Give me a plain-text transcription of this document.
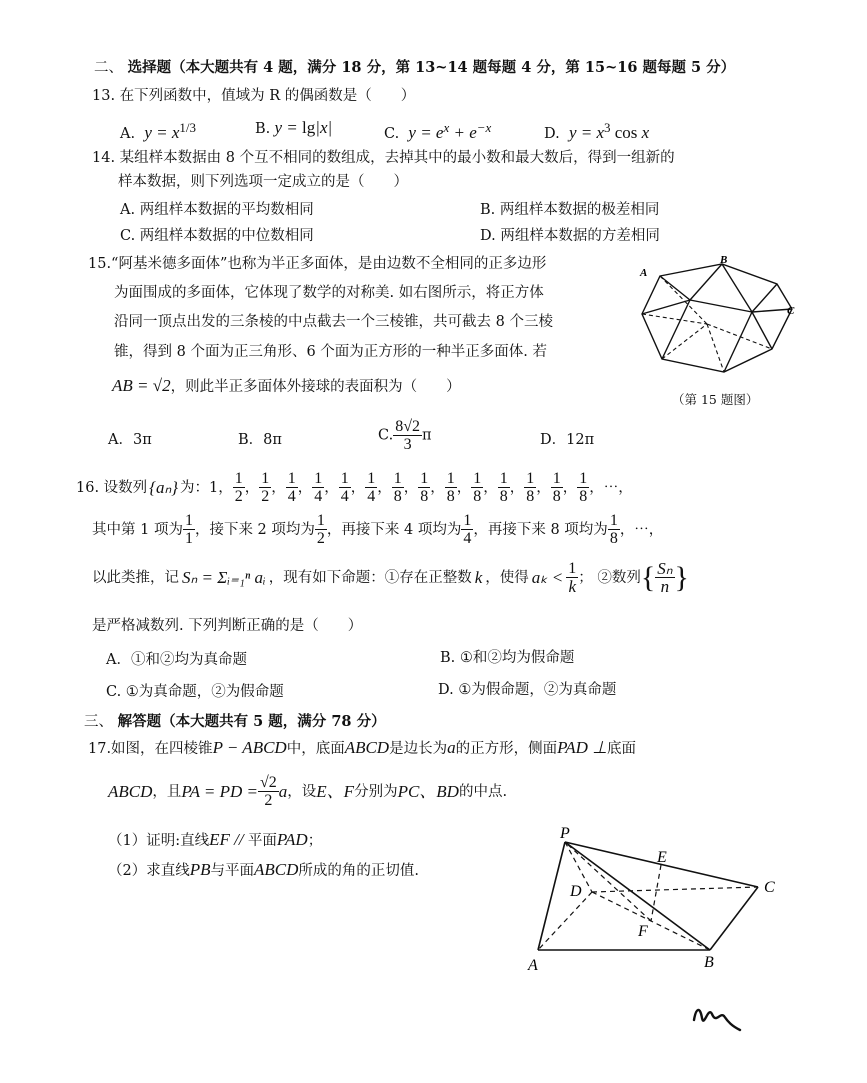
二、 选择题（本大题共有 4 题，满分 18 分，第 13~14 题每题 4 分，第 15~16 题每题 5 分）
13. 在下列函数中，值域为 R 的偶函数是（　　）
A.  $y = x^{1/3}$	B. y = lg|x|	C.  $y = e^x + e^{-x}$	D.  $y = x^3$ cos x
14. 某组样本数据由 8 个互不相同的数组成，去掉其中的最小数和最大数后，得到一组新的
样本数据，则下列选项一定成立的是（　　）
A. 两组样本数据的平均数相同	B. 两组样本数据的极差相同
C. 两组样本数据的中位数相同	D. 两组样本数据的方差相同
15.“阿基米德多面体”也称为半正多面体，是由边数不全相同的正多边形
为面围成的多面体，它体现了数学的对称美. 如右图所示，将正方体
沿同一顶点出发的三条棱的中点截去一个三棱锥，共可截去 8 个三棱
锥，得到 8 个面为正三角形、6 个面为正方形的一种半正多面体. 若
AB = √2，则此半正多面体外接球的表面积为（　　）
A
B
C
（第 15 题图）
A．3π	B．8π	C. $\frac{8√2}{3}$ π	D．12π
16. 设数列 {aₙ} 为：1， $\frac{1}{2}$ ， $\frac{1}{2}$ ， $\frac{1}{4}$ ， $\frac{1}{4}$ ， $\frac{1}{4}$ ， $\frac{1}{4}$ ， $\frac{1}{8}$ ， $\frac{1}{8}$ ， $\frac{1}{8}$ ， $\frac{1}{8}$ ， $\frac{1}{8}$ ， $\frac{1}{8}$ ， $\frac{1}{8}$ ， $\frac{1}{8}$ ，⋯，
其中第 1 项为 $\frac{1}{1}$ ，接下来 2 项均为 $\frac{1}{2}$ ，再接下来 4 项均为 $\frac{1}{4}$ ，再接下来 8 项均为 $\frac{1}{8}$ ，⋯，
以此类推，记 Sₙ = Σᵢ₌₁ⁿ aᵢ ，现有如下命题：①存在正整数 k ，使得 $a_k < \frac{1}{k}$ ； ②数列 { $\frac{\text{Sₙ}}{n}$ }
是严格减数列. 下列判断正确的是（　　）
A．①和②均为真命题	B. ①和②均为假命题
C. ①为真命题，②为假命题	D. ①为假命题，②为真命题
三、 解答题（本大题共有 5 题，满分 78 分）
17.如图，在四棱锥P − ABCD中，底面ABCD是边长为a的正方形，侧面PAD ⊥底面
ABCD ，且 PA = PD = $\frac{√2}{2}$ a ，设 E、F 分别为 PC、BD 的中点.
（1）证明:直线EF // 平面PAD；
（2）求直线PB与平面ABCD所成的角的正切值.
P
E
D	C
F
A	B
